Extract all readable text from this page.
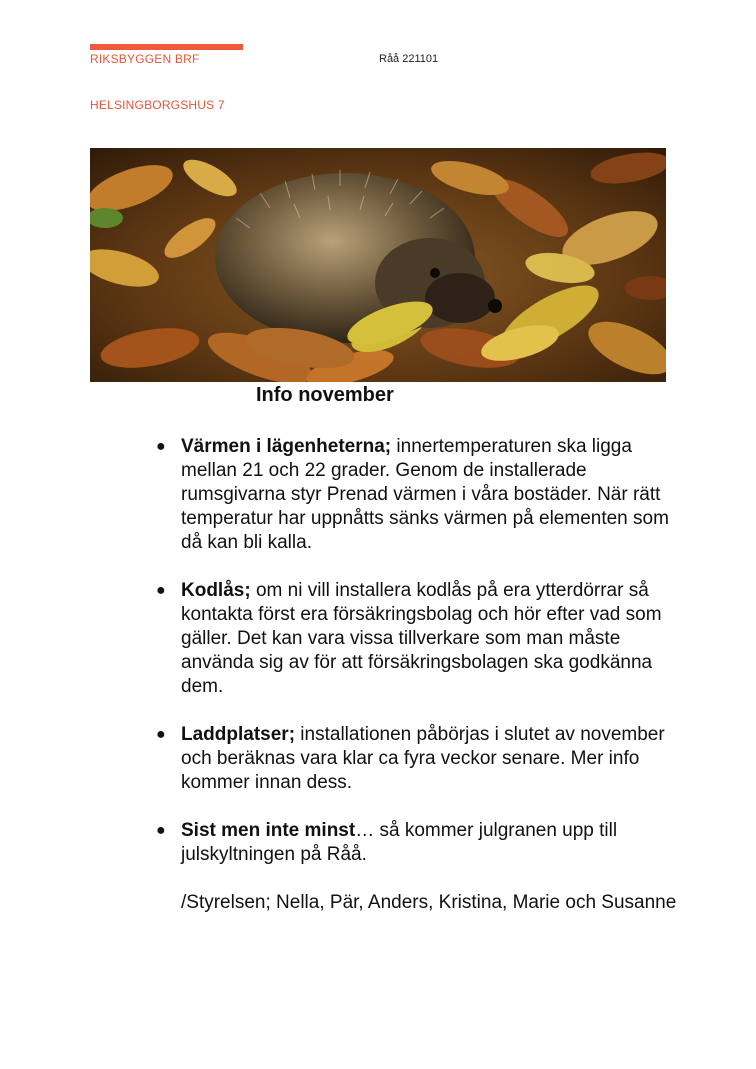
RIKSBYGGEN BRF	Råå 221101
HELSINGBORGSHUS 7
Info november
● Värmen i lägenheterna; innertemperaturen ska ligga mellan 21 och 22 grader. Genom de installerade rumsgivarna styr Prenad värmen i våra bostäder. När rätt temperatur har uppnåtts sänks värmen på elementen som då kan bli kalla.
● Kodlås; om ni vill installera kodlås på era ytterdörrar så kontakta först era försäkringsbolag och hör efter vad som gäller. Det kan vara vissa tillverkare som man måste använda sig av för att försäkringsbolagen ska godkänna dem.
● Laddplatser; installationen påbörjas i slutet av november och beräknas vara klar ca fyra veckor senare. Mer info kommer innan dess.
● Sist men inte minst… så kommer julgranen upp till julskyltningen på Råå.
/Styrelsen; Nella, Pär, Anders, Kristina, Marie och Susanne
